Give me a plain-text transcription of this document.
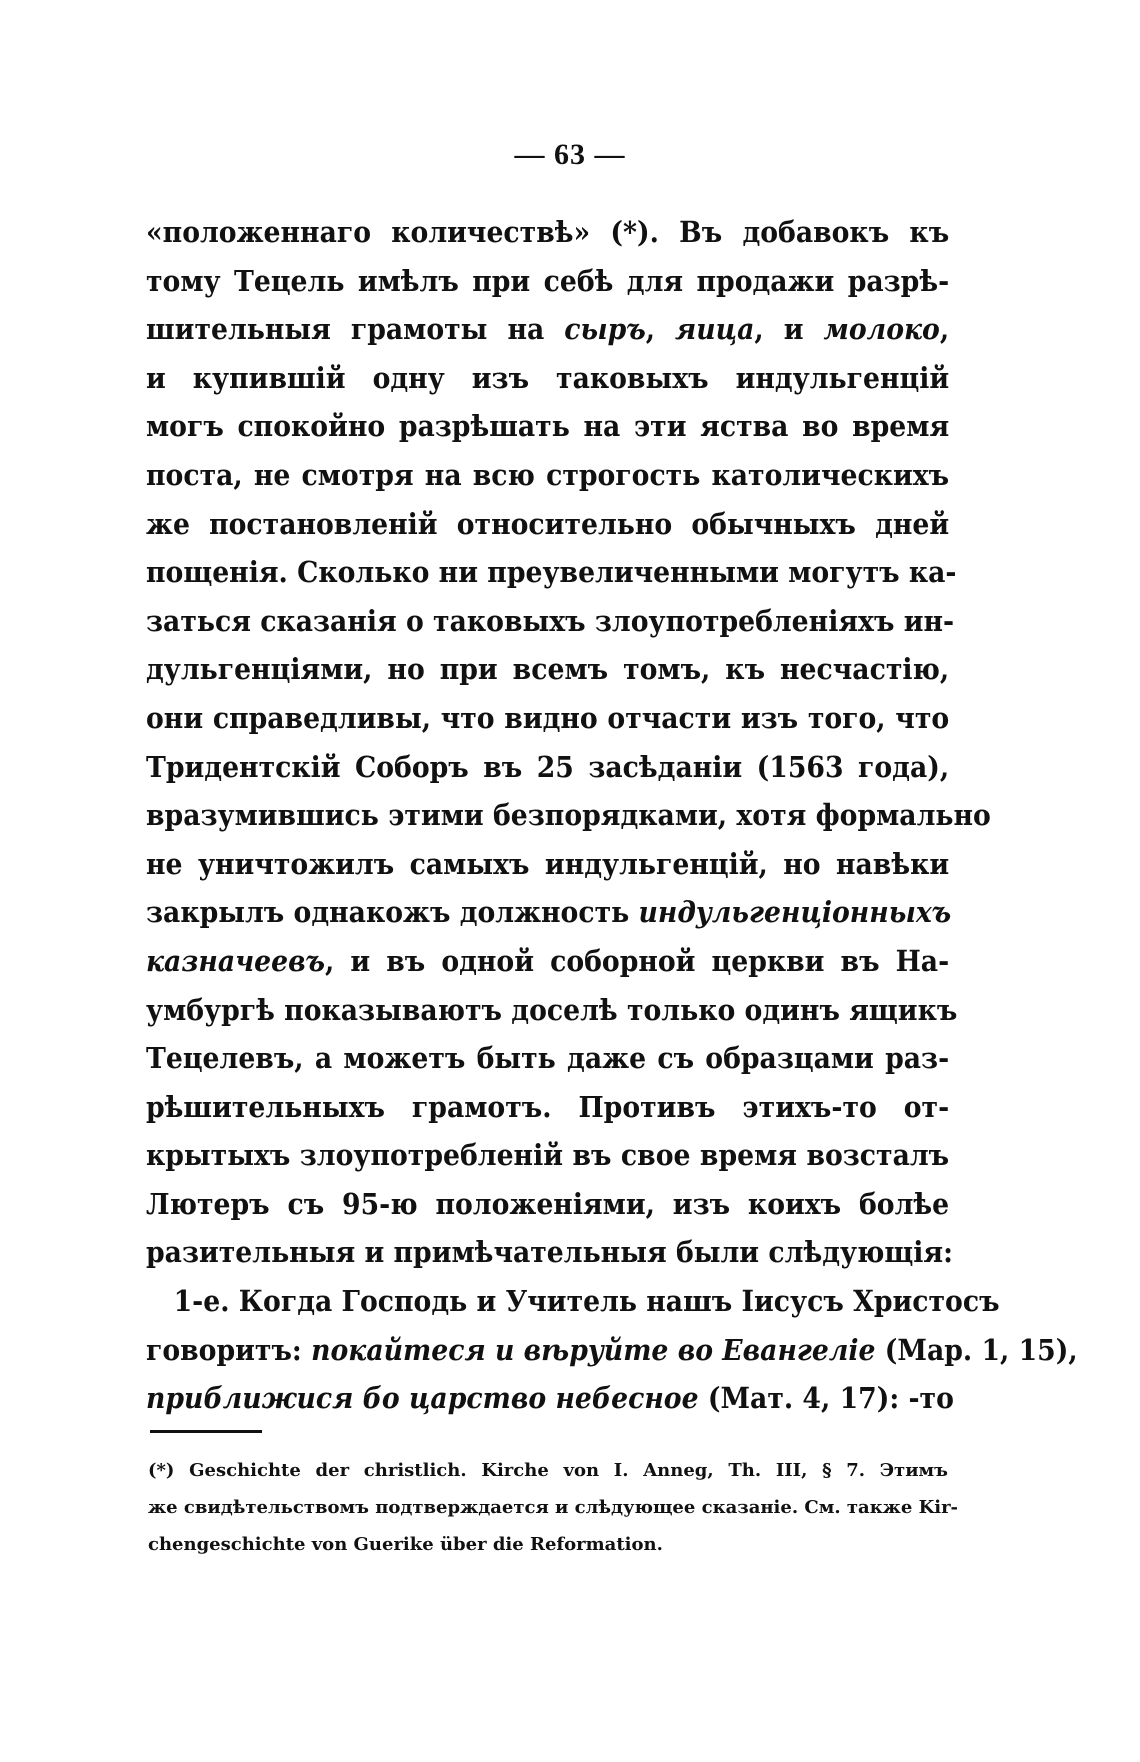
— 63 —
«положеннаго количествѣ» (*). Въ добавокъ къ
тому Тецель имѣлъ при себѣ для продажи разрѣ-
шительныя грамоты на сыръ, яица, и молоко,
и купившій одну изъ таковыхъ индульгенцій
могъ спокойно разрѣшать на эти яства во время
поста, не смотря на всю строгость католическихъ
же постановленій относительно обычныхъ дней
пощенія. Сколько ни преувеличенными могутъ ка-
заться сказанія о таковыхъ злоупотребленіяхъ ин-
дульгенціями, но при всемъ томъ, къ несчастію,
они справедливы, что видно отчасти изъ того, что
Тридентскій Соборъ въ 25 засѣданіи (1563 года),
вразумившись этими безпорядками, хотя формально
не уничтожилъ самыхъ индульгенцій, но навѣки
закрылъ однакожъ должность индульгенціонныхъ
казначеевъ, и въ одной соборной церкви въ На-
умбургѣ показываютъ доселѣ только одинъ ящикъ
Тецелевъ, а можетъ быть даже съ образцами раз-
рѣшительныхъ грамотъ. Противъ этихъ-то от-
крытыхъ злоупотребленій въ свое время возсталъ
Лютеръ съ 95-ю положеніями, изъ коихъ болѣе
разительныя и примѣчательныя были слѣдующія:
1-е. Когда Господь и Учитель нашъ Іисусъ Христосъ
говоритъ: покайтеся и вѣруйте во Евангеліе (Мар. 1, 15),
приближися бо царство небесное (Мат. 4, 17): -то
(*) Geschichte der christlich. Kirche von I. Anneg, Th. III, § 7. Этимъ
же свидѣтельствомъ подтверждается и слѣдующее сказаніе. См. также Kir-
chengeschichte von Guerike über die Reformation.
